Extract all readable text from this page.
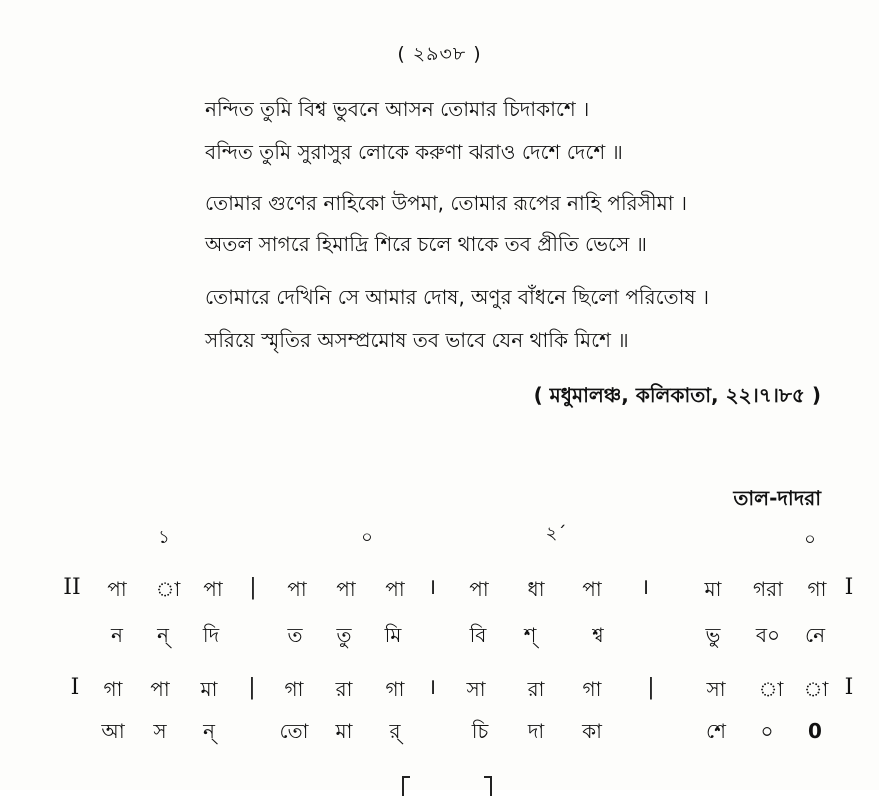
( ২৯৩৮ )
নন্দিত তুমি বিশ্ব ভুবনে আসন তোমার চিদাকাশে ।
বন্দিত তুমি সুরাসুর লোকে করুণা ঝরাও দেশে দেশে ॥
তোমার গুণের নাহিকো উপমা, তোমার রূপের নাহি পরিসীমা ।
অতল সাগরে হিমাদ্রি শিরে চলে থাকে তব প্রীতি ভেসে ॥
তোমারে দেখিনি সে আমার দোষ, অণুর বাঁধনে ছিলো পরিতোষ ।
সরিয়ে স্মৃতির অসম্প্রমোষ তব ভাবে যেন থাকি মিশে ॥
( মধুমালঞ্চ, কলিকাতা, ২২।৭।৮৫ )
তাল-দাদরা
১	০	২´	০
II পা া পা | পা পা পা । পা ধা পা ।	মা গরা গা I
ন ন্ দি	ত তু মি	বি শ্	শ্ব	ভু ব০ নে
I গা পা মা | গা রা গা । সা রা গা |	সা া া I
আ স ন্	তো মা র্	চি দা কা	শে ০ 0
